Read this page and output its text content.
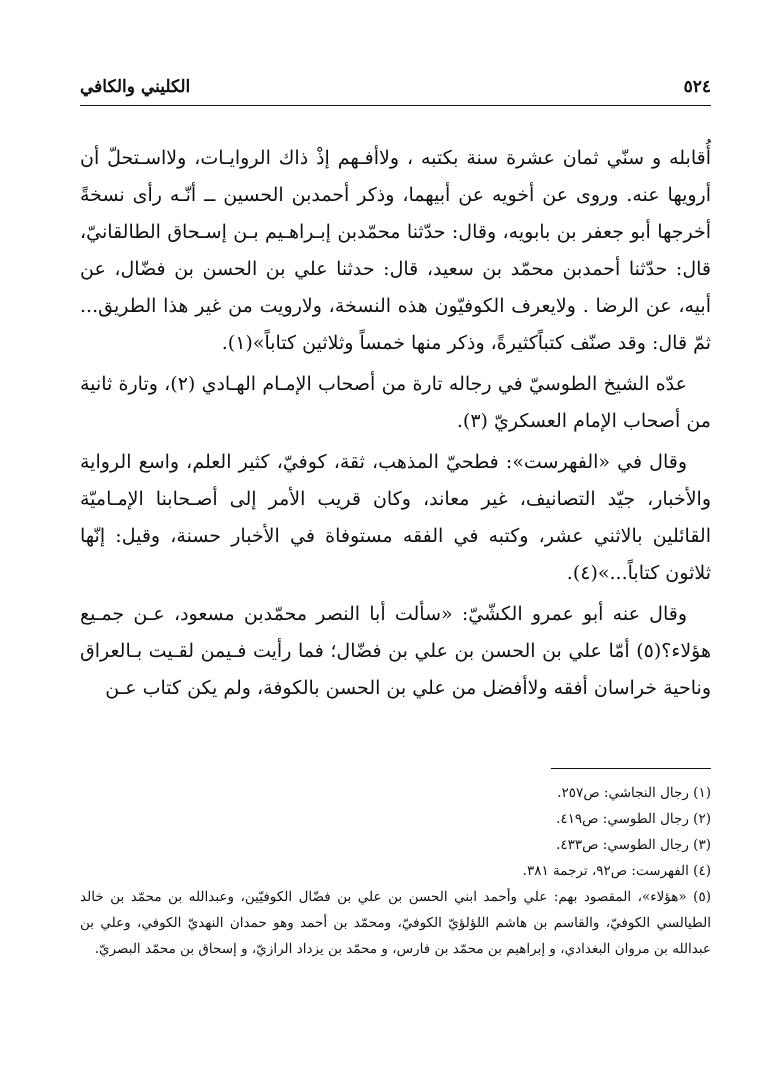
٥٢٤
الكليني والكافي

أُقابله و سنّي ثمان عشرة سنة بكتبه ، ولاأفـهم إذْ ذاك الروايـات، ولااسـتحلّ أن أرويها عنه. وروى عن أخويه عن أبيهما، وذكر أحمدبن الحسين ـ‌ـ أنّـه رأى نسخةً أخرجها أبو جعفر بن بابويه، وقال: حدّثنا محمّدبن إبـراهـيم بـن إسـحاق الطالقانيّ، قال: حدّثنا أحمدبن محمّد بن سعيد، قال: حدثنا علي بن الحسن بن فضّال، عن أبيه، عن الرضا . ولايعرف الكوفيّون هذه النسخة، ولارويت من غير هذا الطريق... ثمّ قال: وقد صنّف كتباًكثيرةً، وذكر منها خمساً وثلاثين كتاباً»(١).

عدّه الشيخ الطوسيّ في رجاله تارة من أصحاب الإمـام الهـادي (٢)، وتارة ثانية من أصحاب الإمام العسكريّ (٣).

وقال في «الفهرست»: فطحيّ المذهب، ثقة، كوفيّ، كثير العلم، واسع الرواية والأخبار، جيّد التصانيف، غير معاند، وكان قريب الأمر إلى أصـحابنا الإمـاميّة القائلين بالاثني عشر، وكتبه في الفقه مستوفاة في الأخبار حسنة، وقيل: إنّها ثلاثون كتاباً...»(٤).

وقال عنه أبو عمرو الكشّيّ: «سألت أبا النصر محمّدبن مسعود، عـن جمـيع هؤلاء؟(٥) أمّا علي بن الحسن بن علي بن فضّال؛ فما رأيت فـيمن لقـيت بـالعراق وناحية خراسان أفقه ولاأفضل من علي بن الحسن بالكوفة، ولم يكن كتاب عـن

(١) رجال النجاشي: ص٢٥٧.

(٢) رجال الطوسي: ص٤١٩.

(٣) رجال الطوسي: ص٤٣٣.

(٤) الفهرست: ص٩٢، ترجمة ٣٨١.

(٥) «هؤلاء»، المقصود بهم: علي وأحمد ابني الحسن بن علي بن فضّال الكوفيّين، وعبدالله بن محمّد بن خالد الطيالسي الكوفيّ، والقاسم بن هاشم اللؤلؤيّ الكوفيّ، ومحمّد بن أحمد وهو حمدان النهديّ الكوفي، وعلي بن عبدالله بن مروان البغدادي، و إبراهيم بن محمّد بن فارس، و محمّد بن يزداد الرازيّ، و إسحاق بن محمّد البصريّ.
